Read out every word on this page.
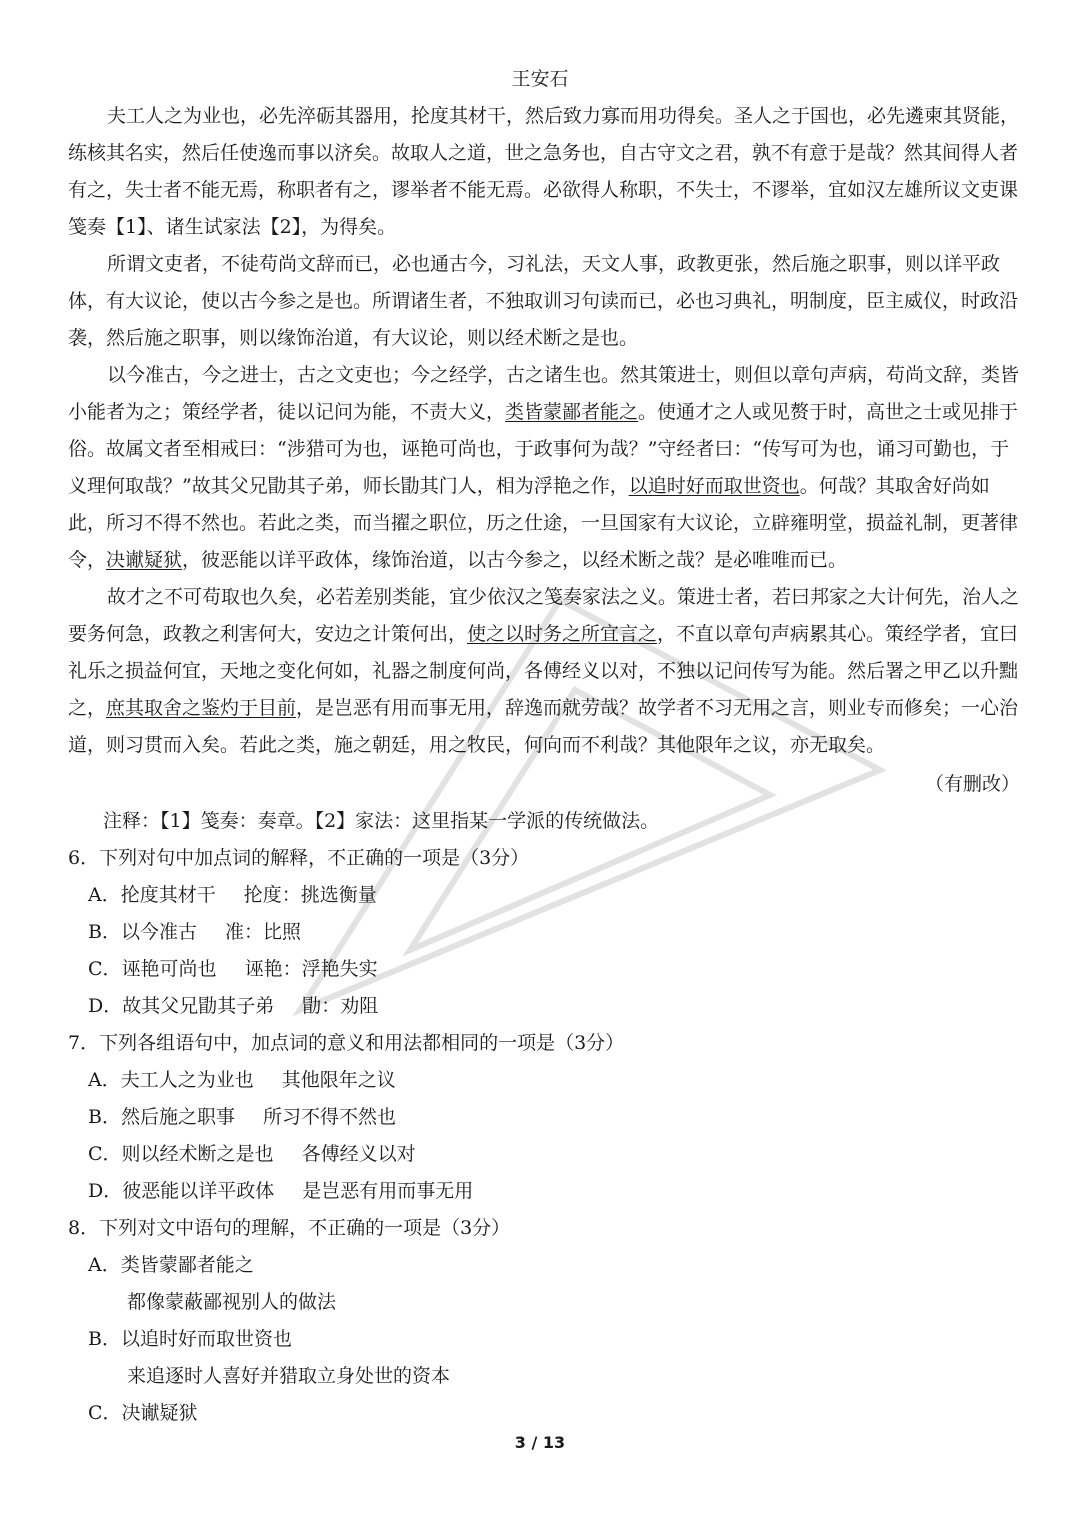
王安石
夫工人之为业也，必先淬砺其器用，抡度其材干，然后致力寡而用功得矣。圣人之于国也，必先遴柬其贤能，
练核其名实，然后任使逸而事以济矣。故取人之道，世之急务也，自古守文之君，孰不有意于是哉？然其间得人者
有之，失士者不能无焉，称职者有之，谬举者不能无焉。必欲得人称职，不失士，不谬举，宜如汉左雄所议文吏课
笺奏【1】、诸生试家法【2】，为得矣。
所谓文吏者，不徒苟尚文辞而已，必也通古今，习礼法，天文人事，政教更张，然后施之职事，则以详平政
体，有大议论，使以古今参之是也。所谓诸生者，不独取训习句读而已，必也习典礼，明制度，臣主威仪，时政沿
袭，然后施之职事，则以缘饰治道，有大议论，则以经术断之是也。
以今准古，今之进士，古之文吏也；今之经学，古之诸生也。然其策进士，则但以章句声病，苟尚文辞，类皆
小能者为之；策经学者，徒以记问为能，不责大义，类皆蒙鄙者能之。使通才之人或见赘于时，高世之士或见排于
俗。故属文者至相戒曰：“涉猎可为也，诬艳可尚也，于政事何为哉？”守经者曰：“传写可为也，诵习可勤也，于
义理何取哉？”故其父兄勖其子弟，师长勖其门人，相为浮艳之作，以追时好而取世资也。何哉？其取舍好尚如
此，所习不得不然也。若此之类，而当擢之职位，历之仕途，一旦国家有大议论，立辟雍明堂，损益礼制，更著律
令，决谳疑狱，彼恶能以详平政体，缘饰治道，以古今参之，以经术断之哉？是必唯唯而已。
故才之不可苟取也久矣，必若差别类能，宜少依汉之笺奏家法之义。策进士者，若曰邦家之大计何先，治人之
要务何急，政教之利害何大，安边之计策何出，使之以时务之所宜言之，不直以章句声病累其心。策经学者，宜曰
礼乐之损益何宜，天地之变化何如，礼器之制度何尚，各傅经义以对，不独以记问传写为能。然后署之甲乙以升黜
之，庶其取舍之鉴灼于目前，是岂恶有用而事无用，辞逸而就劳哉？故学者不习无用之言，则业专而修矣；一心治
道，则习贯而入矣。若此之类，施之朝廷，用之牧民，何向而不利哉？其他限年之议，亦无取矣。
（有删改）
注释：【1】笺奏：奏章。【2】家法：这里指某一学派的传统做法。
6．下列对句中加点词的解释，不正确的一项是（3分）
A．抡度其材干 抡度：挑选衡量
B．以今准古 准：比照
C．诬艳可尚也 诬艳：浮艳失实
D．故其父兄勖其子弟 勖：劝阻
7．下列各组语句中，加点词的意义和用法都相同的一项是（3分）
A．夫工人之为业也 其他限年之议
B．然后施之职事 所习不得不然也
C．则以经术断之是也 各傅经义以对
D．彼恶能以详平政体 是岂恶有用而事无用
8．下列对文中语句的理解，不正确的一项是（3分）
A．类皆蒙鄙者能之
都像蒙蔽鄙视别人的做法
B．以追时好而取世资也
来追逐时人喜好并猎取立身处世的资本
C．决谳疑狱
3 / 13
